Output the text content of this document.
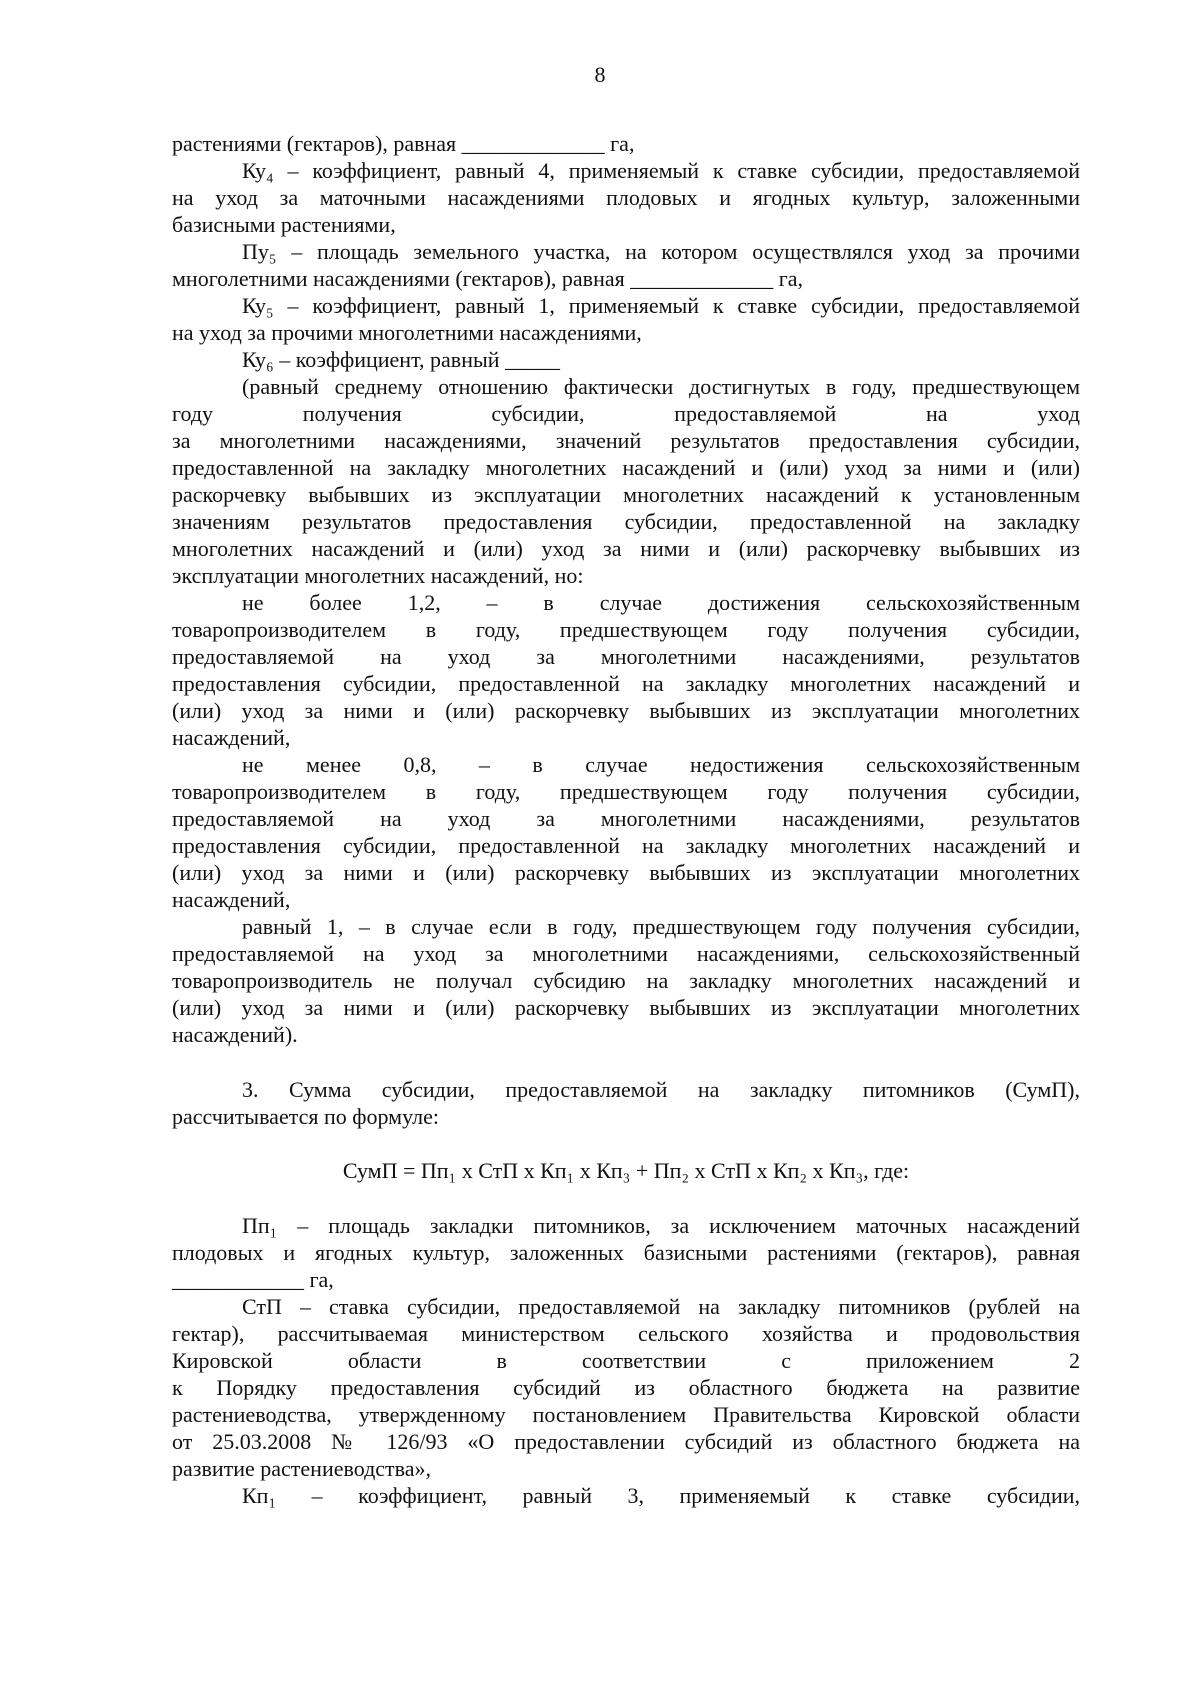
8
растениями (гектаров), равная _____________ га,
Ку₄ – коэффициент, равный 4, применяемый к ставке субсидии, предоставляемой
на уход за маточными насаждениями плодовых и ягодных культур, заложенными
базисными растениями,
Пу₅ – площадь земельного участка, на котором осуществлялся уход за прочими
многолетними насаждениями (гектаров), равная _____________ га,
Ку₅ – коэффициент, равный 1, применяемый к ставке субсидии, предоставляемой
на уход за прочими многолетними насаждениями,
Ку₆ – коэффициент, равный _____
(равный среднему отношению фактически достигнутых в году, предшествующем
году получения субсидии, предоставляемой на уход
за многолетними насаждениями, значений результатов предоставления субсидии,
предоставленной на закладку многолетних насаждений и (или) уход за ними и (или)
раскорчевку выбывших из эксплуатации многолетних насаждений к установленным
значениям результатов предоставления субсидии, предоставленной на закладку
многолетних насаждений и (или) уход за ними и (или) раскорчевку выбывших из
эксплуатации многолетних насаждений, но:
не более 1,2, – в случае достижения сельскохозяйственным
товаропроизводителем в году, предшествующем году получения субсидии,
предоставляемой на уход за многолетними насаждениями, результатов
предоставления субсидии, предоставленной на закладку многолетних насаждений и
(или) уход за ними и (или) раскорчевку выбывших из эксплуатации многолетних
насаждений,
не менее 0,8, – в случае недостижения сельскохозяйственным
товаропроизводителем в году, предшествующем году получения субсидии,
предоставляемой на уход за многолетними насаждениями, результатов
предоставления субсидии, предоставленной на закладку многолетних насаждений и
(или) уход за ними и (или) раскорчевку выбывших из эксплуатации многолетних
насаждений,
равный 1, – в случае если в году, предшествующем году получения субсидии,
предоставляемой на уход за многолетними насаждениями, сельскохозяйственный
товаропроизводитель не получал субсидию на закладку многолетних насаждений и
(или) уход за ними и (или) раскорчевку выбывших из эксплуатации многолетних
насаждений).
3. Сумма субсидии, предоставляемой на закладку питомников (СумП),
рассчитывается по формуле:
СумП = Пп₁ х СтП х Кп₁ х Кп₃ + Пп₂ х СтП х Кп₂ х Кп₃, где:
Пп₁ – площадь закладки питомников, за исключением маточных насаждений
плодовых и ягодных культур, заложенных базисными растениями (гектаров), равная
____________ га,
СтП – ставка субсидии, предоставляемой на закладку питомников (рублей на
гектар), рассчитываемая министерством сельского хозяйства и продовольствия
Кировской области в соответствии с приложением 2
к Порядку предоставления субсидий из областного бюджета на развитие
растениеводства, утвержденному постановлением Правительства Кировской области
от 25.03.2008 № 126/93 «О предоставлении субсидий из областного бюджета на
развитие растениеводства»,
Кп₁ – коэффициент, равный 3, применяемый к ставке субсидии,
